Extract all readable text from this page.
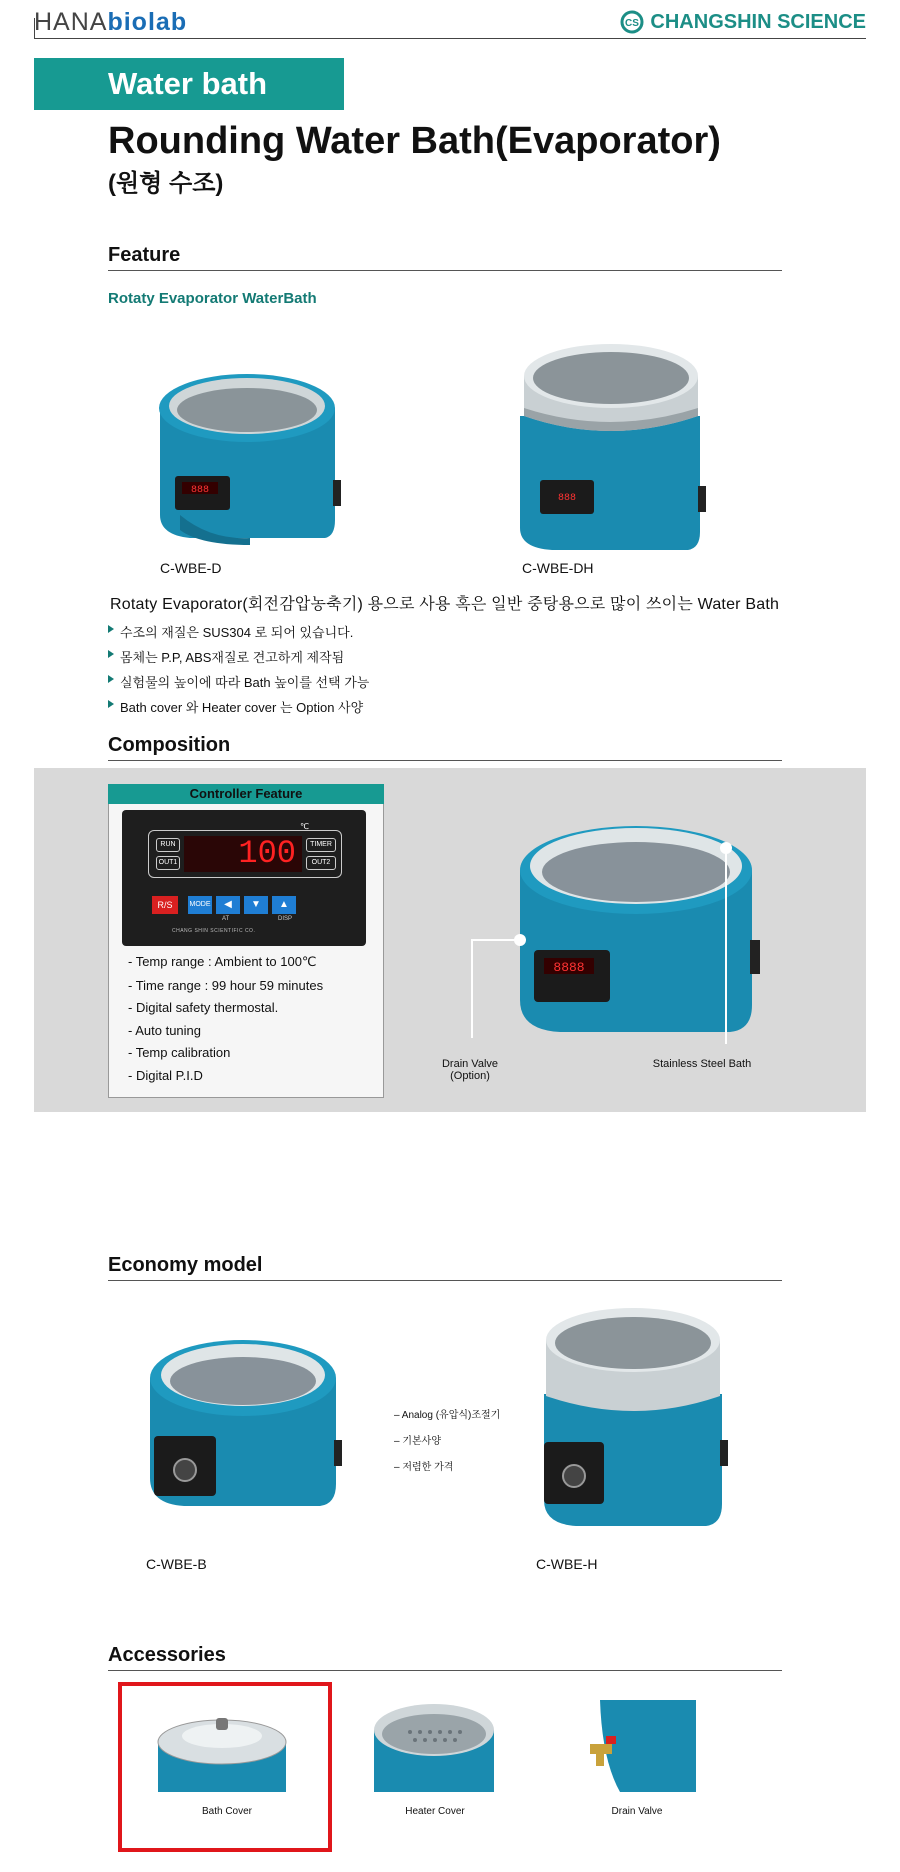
HANAbiolab	CS CHANGSHIN SCIENCE
Water bath
Rounding Water Bath(Evaporator)
(원형 수조)
Feature
Rotaty Evaporator WaterBath
888
C-WBE-D
888
C-WBE-DH
Rotaty Evaporator(회전감압농축기) 용으로 사용 혹은 일반 중탕용으로 많이 쓰이는 Water Bath
수조의 재질은 SUS304 로 되어 있습니다.
몸체는 P.P, ABS재질로 견고하게 제작됨
실험물의 높이에 따라 Bath 높이를 선택 가능
Bath cover 와 Heater cover 는 Option 사양
Composition
Controller Feature
RUN
OUT1	100
℃
TIMER
OUT2
R/S	MODE	◀	▼	▲
AT	DISP
CHANG SHIN SCIENTIFIC CO.
- Temp range : Ambient to 100℃
- Time range : 99 hour 59 minutes
- Digital safety thermostal.
- Auto tuning
- Temp calibration
- Digital P.I.D
8888
Drain Valve
(Option)
Stainless Steel Bath
Economy model
C-WBE-B
– Analog (유압식)조절기
– 기본사양
– 저렴한 가격
C-WBE-H
Accessories
Bath Cover	Heater Cover	Drain Valve
